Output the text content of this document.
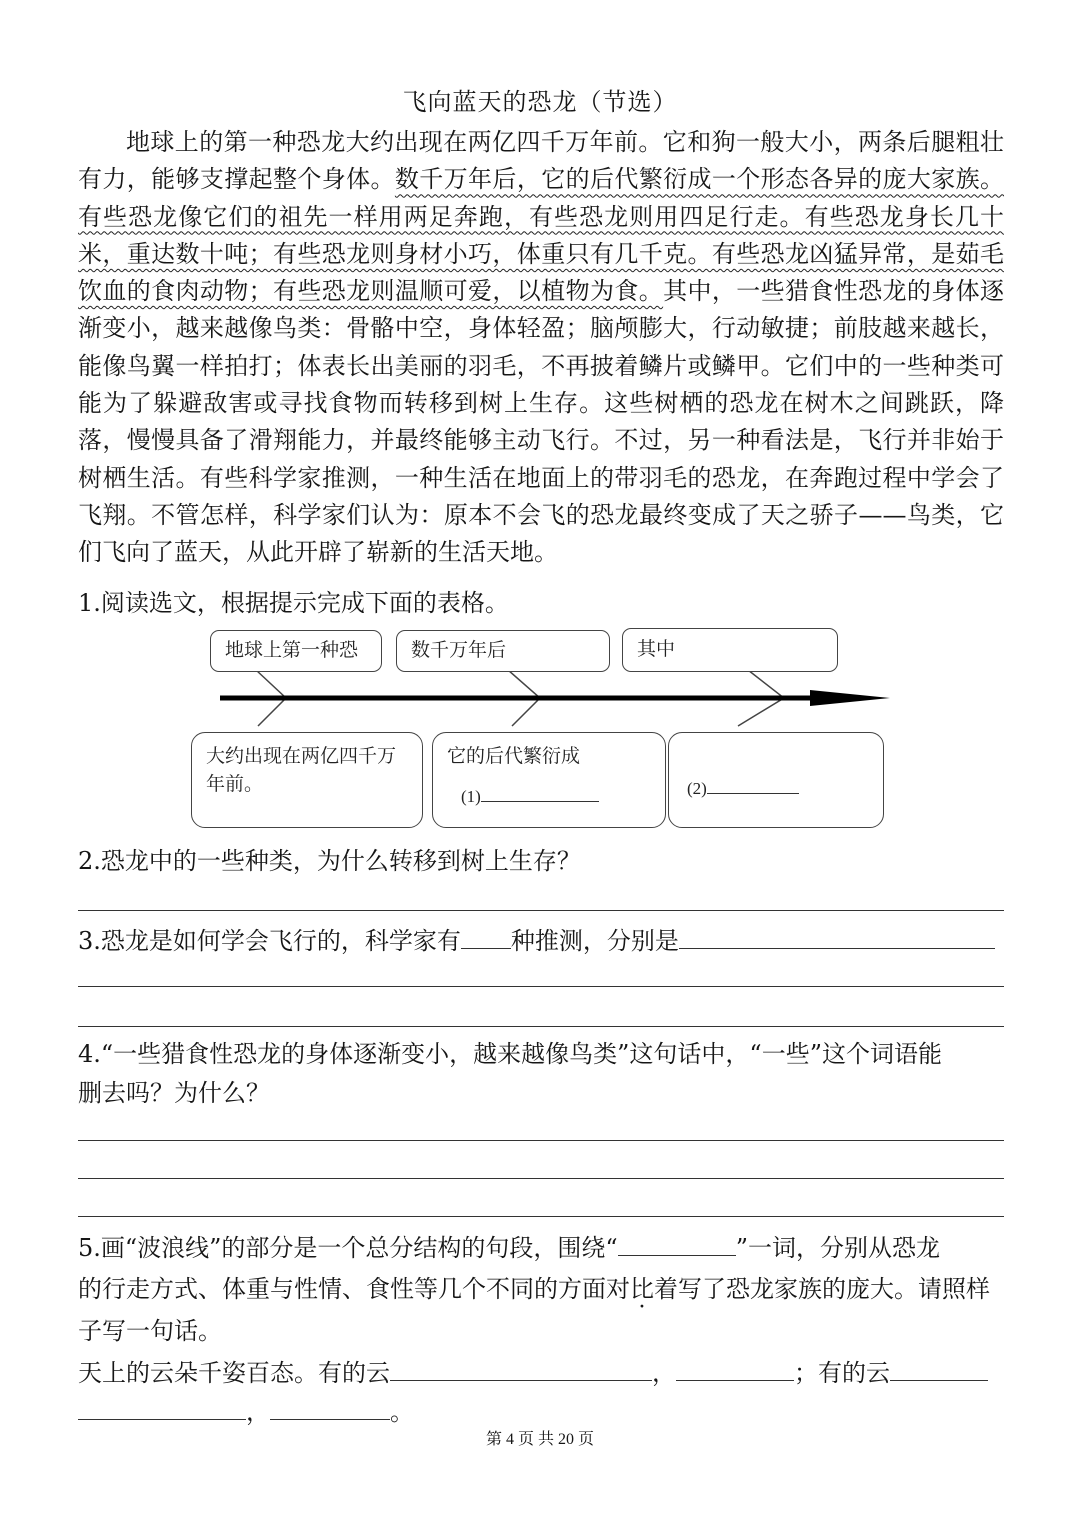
飞向蓝天的恐龙（节选）

地球上的第一种恐龙大约出现在两亿四千万年前。它和狗一般大小，两条后腿粗壮有力，能够支撑起整个身体。数千万年后，它的后代繁衍成一个形态各异的庞大家族。有些恐龙像它们的祖先一样用两足奔跑，有些恐龙则用四足行走。有些恐龙身长几十米，重达数十吨；有些恐龙则身材小巧，体重只有几千克。有些恐龙凶猛异常，是茹毛饮血的食肉动物；有些恐龙则温顺可爱，以植物为食。其中，一些猎食性恐龙的身体逐渐变小，越来越像鸟类：骨骼中空，身体轻盈；脑颅膨大，行动敏捷；前肢越来越长，能像鸟翼一样拍打；体表长出美丽的羽毛，不再披着鳞片或鳞甲。它们中的一些种类可能为了躲避敌害或寻找食物而转移到树上生存。这些树栖的恐龙在树木之间跳跃，降落，慢慢具备了滑翔能力，并最终能够主动飞行。不过，另一种看法是，飞行并非始于树栖生活。有些科学家推测，一种生活在地面上的带羽毛的恐龙，在奔跑过程中学会了飞翔。不管怎样，科学家们认为：原本不会飞的恐龙最终变成了天之骄子——鸟类，它们飞向了蓝天，从此开辟了崭新的生活天地。

1.阅读选文，根据提示完成下面的表格。
地球上第一种恐	数千万年后	其中
大约出现在两亿四千万年前。
它的后代繁衍成
(1)	(2)
2.恐龙中的一些种类，为什么转移到树上生存？
3.恐龙是如何学会飞行的，科学家有 种推测，分别是
4.“一些猎食性恐龙的身体逐渐变小，越来越像鸟类”这句话中，“一些”这个词语能
删去吗？为什么？
5.画“波浪线”的部分是一个总分结构的句段，围绕“	”一词，分别从恐龙
的行走方式、体重与性情、食性等几个不同的方面对比着写了恐龙家族的庞大。请照样
子写一句话。
天上的云朵千姿百态。有的云	，	；有的云
，	。
第 4 页 共 20 页
